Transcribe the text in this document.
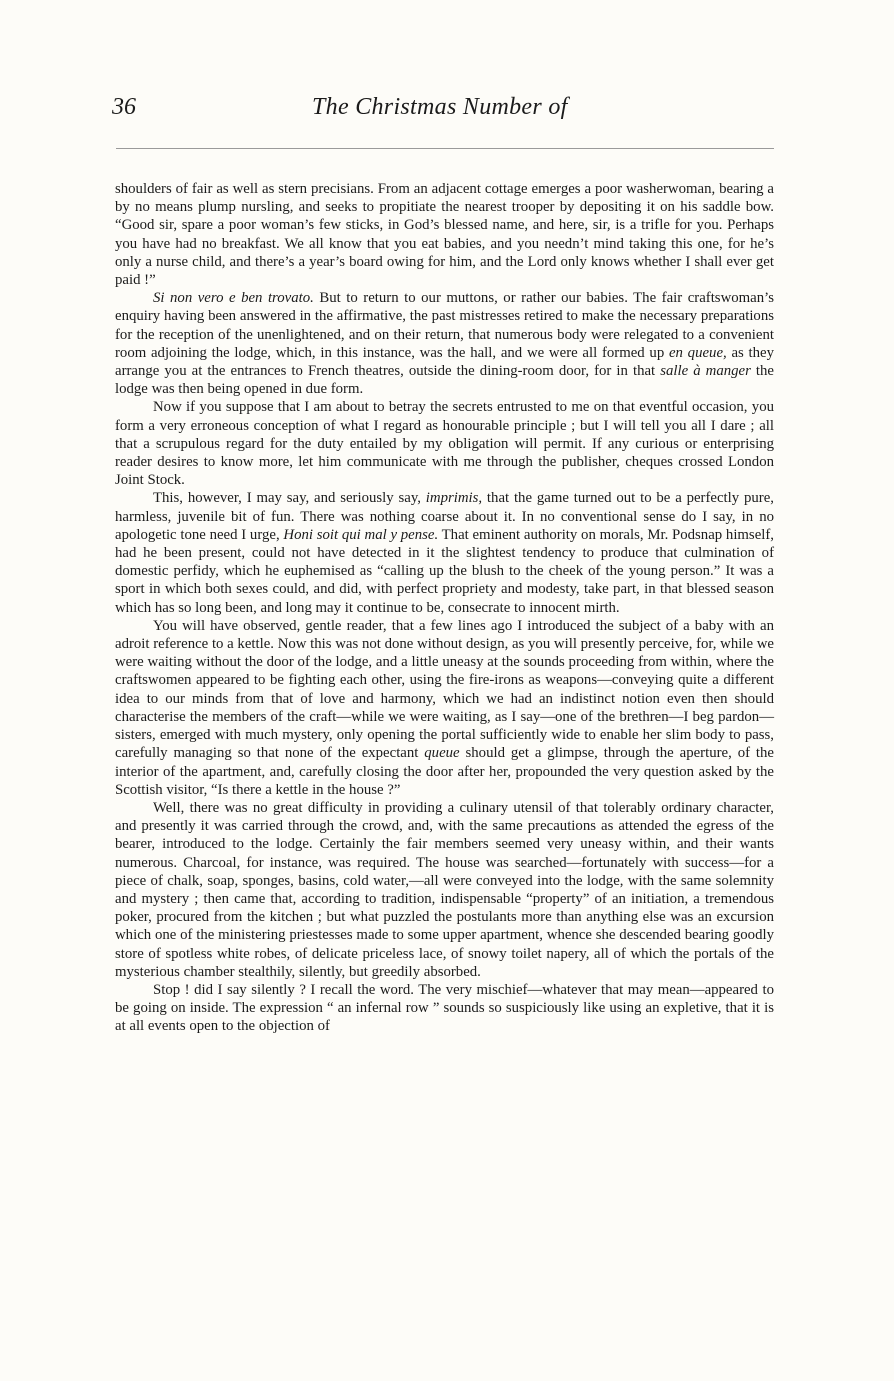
36	The Christmas Number of

shoulders of fair as well as stern precisians. From an adjacent cottage emerges a poor washerwoman, bearing a by no means plump nursling, and seeks to propitiate the nearest trooper by depositing it on his saddle bow. “Good sir, spare a poor woman’s few sticks, in God’s blessed name, and here, sir, is a trifle for you. Perhaps you have had no breakfast. We all know that you eat babies, and you needn’t mind taking this one, for he’s only a nurse child, and there’s a year’s board owing for him, and the Lord only knows whether I shall ever get paid !”

Si non vero e ben trovato. But to return to our muttons, or rather our babies. The fair craftswoman’s enquiry having been answered in the affirmative, the past mistresses retired to make the necessary preparations for the reception of the unenlightened, and on their return, that numerous body were relegated to a convenient room adjoining the lodge, which, in this instance, was the hall, and we were all formed up en queue, as they arrange you at the entrances to French theatres, outside the dining-room door, for in that salle à manger the lodge was then being opened in due form.

Now if you suppose that I am about to betray the secrets entrusted to me on that eventful occasion, you form a very erroneous conception of what I regard as honourable principle ; but I will tell you all I dare ; all that a scrupulous regard for the duty entailed by my obligation will permit. If any curious or enterprising reader desires to know more, let him communicate with me through the publisher, cheques crossed London Joint Stock.

This, however, I may say, and seriously say, imprimis, that the game turned out to be a perfectly pure, harmless, juvenile bit of fun. There was nothing coarse about it. In no conventional sense do I say, in no apologetic tone need I urge, Honi soit qui mal y pense. That eminent authority on morals, Mr. Podsnap himself, had he been present, could not have detected in it the slightest tendency to produce that culmination of domestic perfidy, which he euphemised as “calling up the blush to the cheek of the young person.” It was a sport in which both sexes could, and did, with perfect propriety and modesty, take part, in that blessed season which has so long been, and long may it continue to be, consecrate to innocent mirth.

You will have observed, gentle reader, that a few lines ago I introduced the subject of a baby with an adroit reference to a kettle. Now this was not done without design, as you will presently perceive, for, while we were waiting without the door of the lodge, and a little uneasy at the sounds proceeding from within, where the craftswomen appeared to be fighting each other, using the fire-irons as weapons—conveying quite a different idea to our minds from that of love and harmony, which we had an indistinct notion even then should characterise the members of the craft—while we were waiting, as I say—one of the brethren—I beg pardon—sisters, emerged with much mystery, only opening the portal sufficiently wide to enable her slim body to pass, carefully managing so that none of the expectant queue should get a glimpse, through the aperture, of the interior of the apartment, and, carefully closing the door after her, propounded the very question asked by the Scottish visitor, “Is there a kettle in the house ?”

Well, there was no great difficulty in providing a culinary utensil of that tolerably ordinary character, and presently it was carried through the crowd, and, with the same precautions as attended the egress of the bearer, introduced to the lodge. Certainly the fair members seemed very uneasy within, and their wants numerous. Charcoal, for instance, was required. The house was searched—fortunately with success—for a piece of chalk, soap, sponges, basins, cold water,—all were conveyed into the lodge, with the same solemnity and mystery ; then came that, according to tradition, indispensable “property” of an initiation, a tremendous poker, procured from the kitchen ; but what puzzled the postulants more than anything else was an excursion which one of the ministering priestesses made to some upper apartment, whence she descended bearing goodly store of spotless white robes, of delicate priceless lace, of snowy toilet napery, all of which the portals of the mysterious chamber stealthily, silently, but greedily absorbed.

Stop ! did I say silently ? I recall the word. The very mischief—whatever that may mean—appeared to be going on inside. The expression “ an infernal row ” sounds so suspiciously like using an expletive, that it is at all events open to the objection of
